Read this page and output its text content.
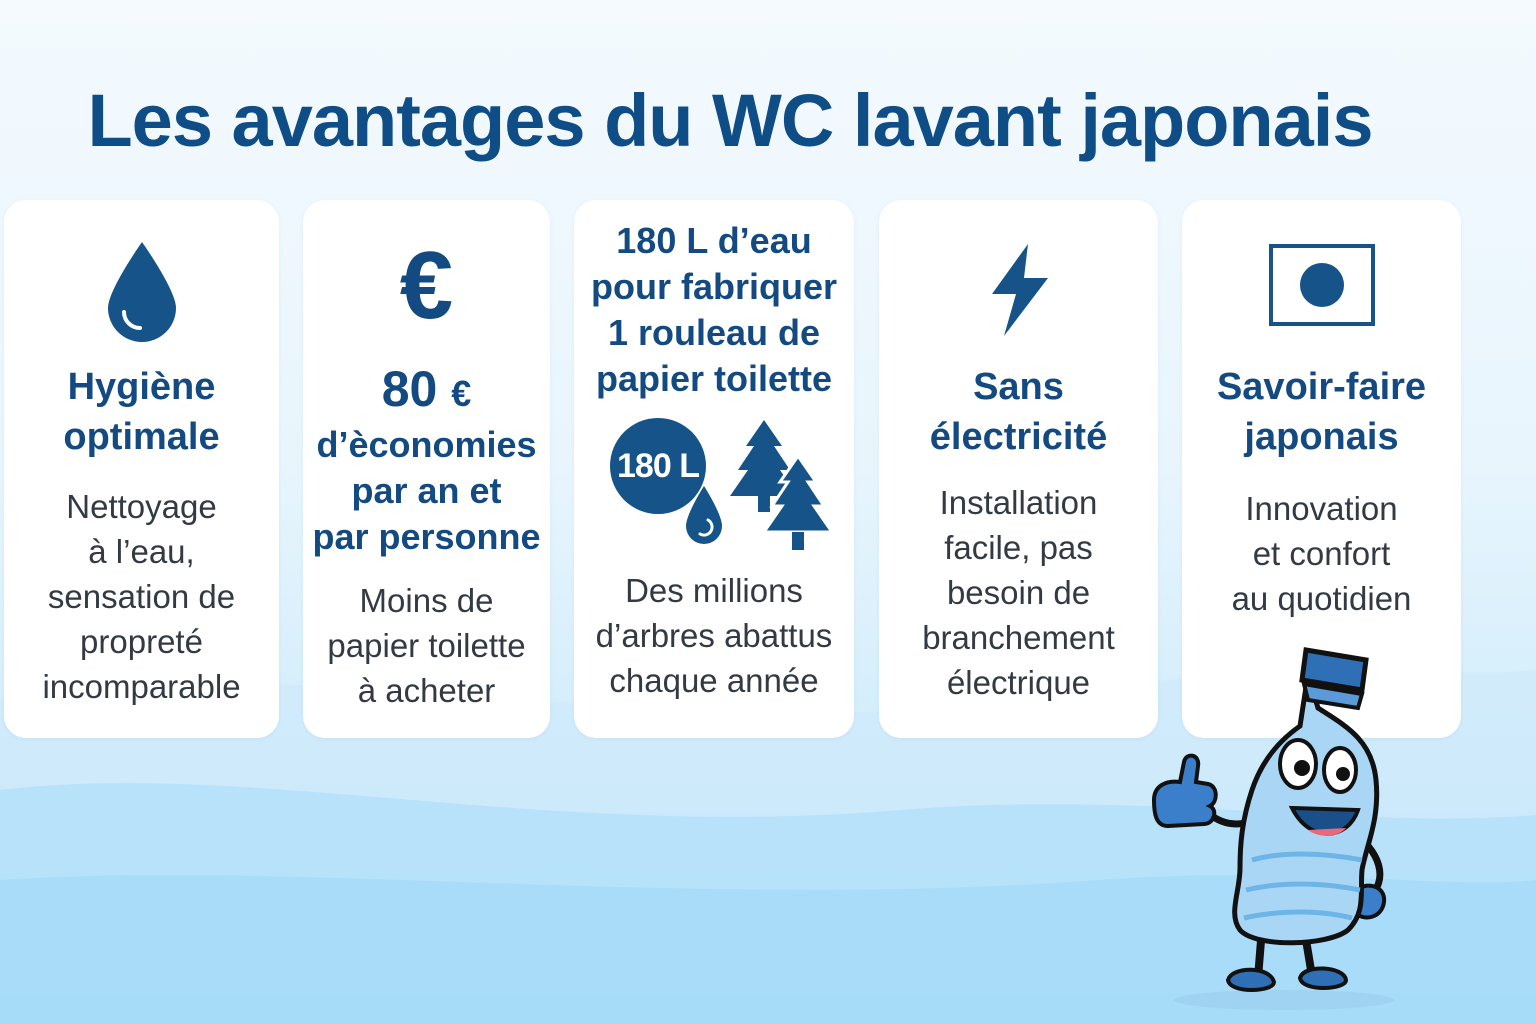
Les avantages du WC lavant japonais
Hygiène
optimale
Nettoyage
à l’eau,
sensation de
propreté
incomparable
€
80 €
d’èconomies
par an et
par personne
Moins de
papier toilette
à acheter
180 L d’eau
pour fabriquer
1 rouleau de
papier toilette
180 L
Des millions
d’arbres abattus
chaque année
Sans
électricité
Installation
facile, pas
besoin de
branchement
électrique
Savoir-faire
japonais
Innovation
et confort
au quotidien
